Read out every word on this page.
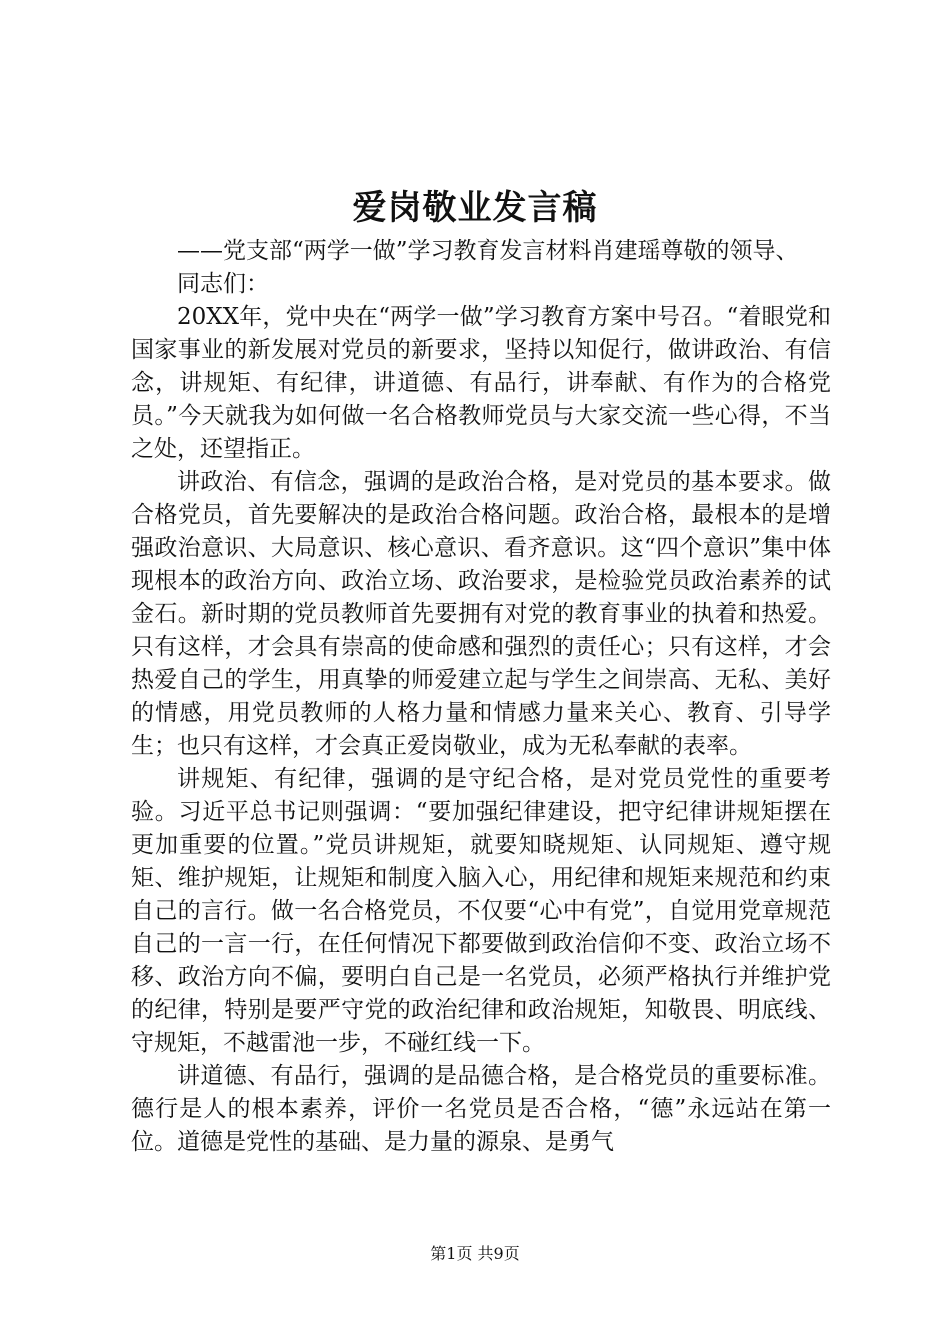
爱岗敬业发言稿

——党支部“两学一做”学习教育发言材料肖建瑶尊敬的领导、

同志们：

20XX年，党中央在“两学一做”学习教育方案中号召。“着眼党和国家事业的新发展对党员的新要求，坚持以知促行，做讲政治、有信念，讲规矩、有纪律，讲道德、有品行，讲奉献、有作为的合格党员。”今天就我为如何做一名合格教师党员与大家交流一些心得，不当之处，还望指正。

讲政治、有信念，强调的是政治合格，是对党员的基本要求。做合格党员，首先要解决的是政治合格问题。政治合格，最根本的是增强政治意识、大局意识、核心意识、看齐意识。这“四个意识”集中体现根本的政治方向、政治立场、政治要求，是检验党员政治素养的试金石。新时期的党员教师首先要拥有对党的教育事业的执着和热爱。只有这样，才会具有崇高的使命感和强烈的责任心；只有这样，才会热爱自己的学生，用真挚的师爱建立起与学生之间崇高、无私、美好的情感，用党员教师的人格力量和情感力量来关心、教育、引导学生；也只有这样，才会真正爱岗敬业，成为无私奉献的表率。

讲规矩、有纪律，强调的是守纪合格，是对党员党性的重要考验。习近平总书记则强调：“要加强纪律建设，把守纪律讲规矩摆在更加重要的位置。”党员讲规矩，就要知晓规矩、认同规矩、遵守规矩、维护规矩，让规矩和制度入脑入心，用纪律和规矩来规范和约束自己的言行。做一名合格党员，不仅要“心中有党”，自觉用党章规范自己的一言一行，在任何情况下都要做到政治信仰不变、政治立场不移、政治方向不偏，要明白自己是一名党员，必须严格执行并维护党的纪律，特别是要严守党的政治纪律和政治规矩，知敬畏、明底线、守规矩，不越雷池一步，不碰红线一下。

讲道德、有品行，强调的是品德合格，是合格党员的重要标准。德行是人的根本素养，评价一名党员是否合格，“德”永远站在第一位。道德是党性的基础、是力量的源泉、是勇气

第1页 共9页
